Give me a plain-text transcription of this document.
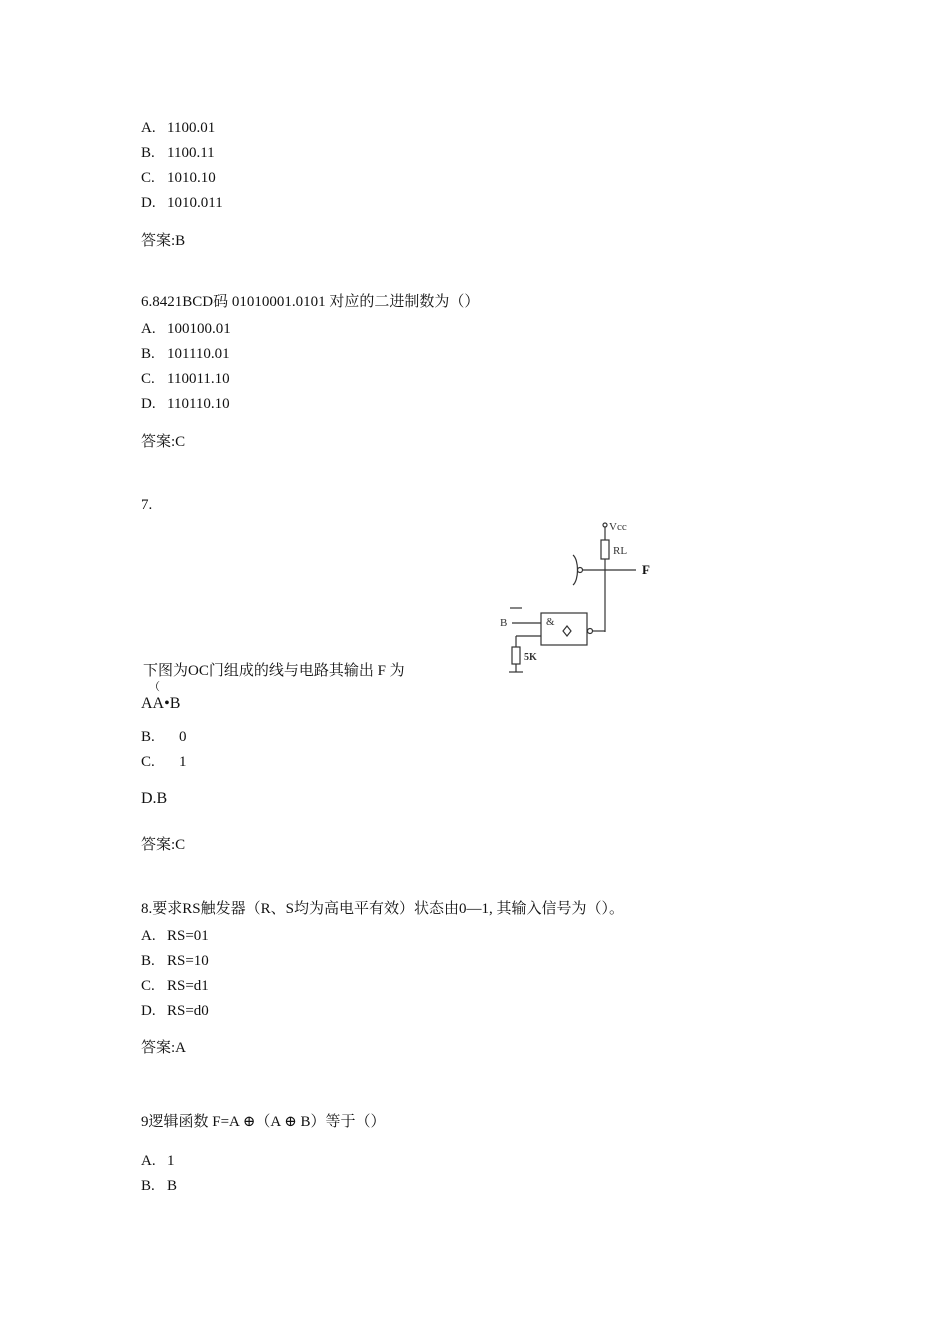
A. 1100.01
B. 1100.11
C. 1010.10
D. 1010.011
答案:B
6.8421BCD码 01010001.0101 对应的二进制数为（）
A. 100100.01
B. 101110.01
C. 110011.10
D. 110110.10
答案:C
7.
Vcc
RL
F
B	&
5K
下图为OC门组成的线与电路其输出 F 为
（
AA•B
B. 0
C. 1
D.B
答案:C
8.要求RS触发器（R、S均为高电平有效）状态由0—1, 其输入信号为（）。
A. RS=01
B. RS=10
C. RS=d1
D. RS=d0
答案:A
9逻辑函数 F=A ⊕（A ⊕ B）等于（）
A. 1
B. B
